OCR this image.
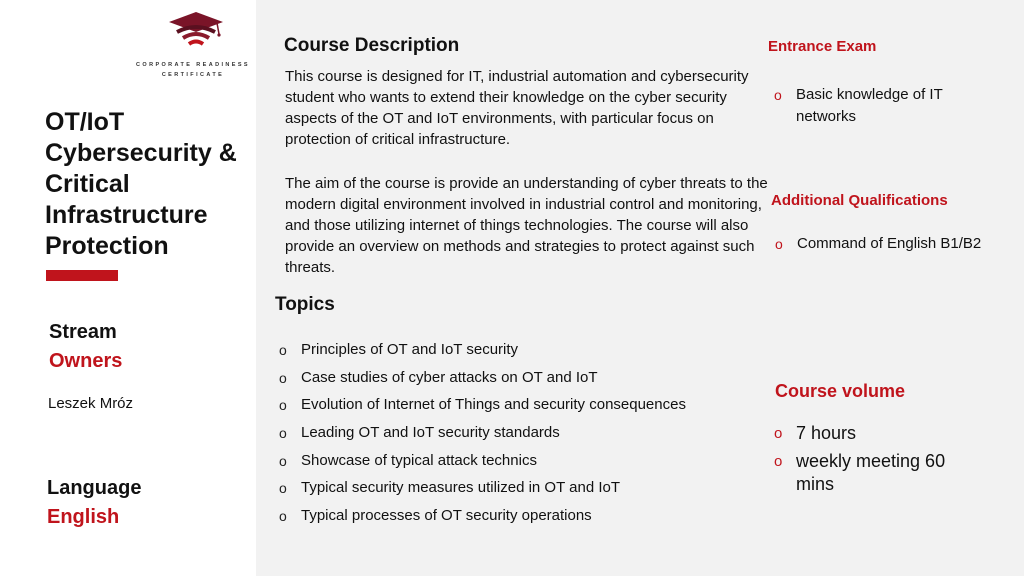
CORPORATE READINESS
CERTIFICATE
OT/IoT Cybersecurity & Critical Infrastructure Protection
Stream
Owners
Leszek Mróz
Language
English
Course Description
This course is designed for IT, industrial automation and cybersecurity student who wants to extend their knowledge on the cyber security aspects of the OT and IoT environments, with particular focus on protection of critical infrastructure.
The aim of the course is provide an understanding of cyber threats to the modern digital environment involved in industrial control and monitoring, and those utilizing internet of things technologies. The course will also provide an overview on methods and strategies to protect against such threats.
Topics
o Principles of OT and IoT security
o Case studies of cyber attacks on OT and IoT
o Evolution of Internet of Things and security consequences
o Leading OT and IoT security standards
o Showcase of typical attack technics
o Typical security measures utilized in OT and IoT
o Typical processes of OT security operations
Entrance Exam
o Basic knowledge of IT networks
Additional Qualifications
o Command of English B1/B2
Course volume
o 7 hours
o weekly meeting 60 mins
